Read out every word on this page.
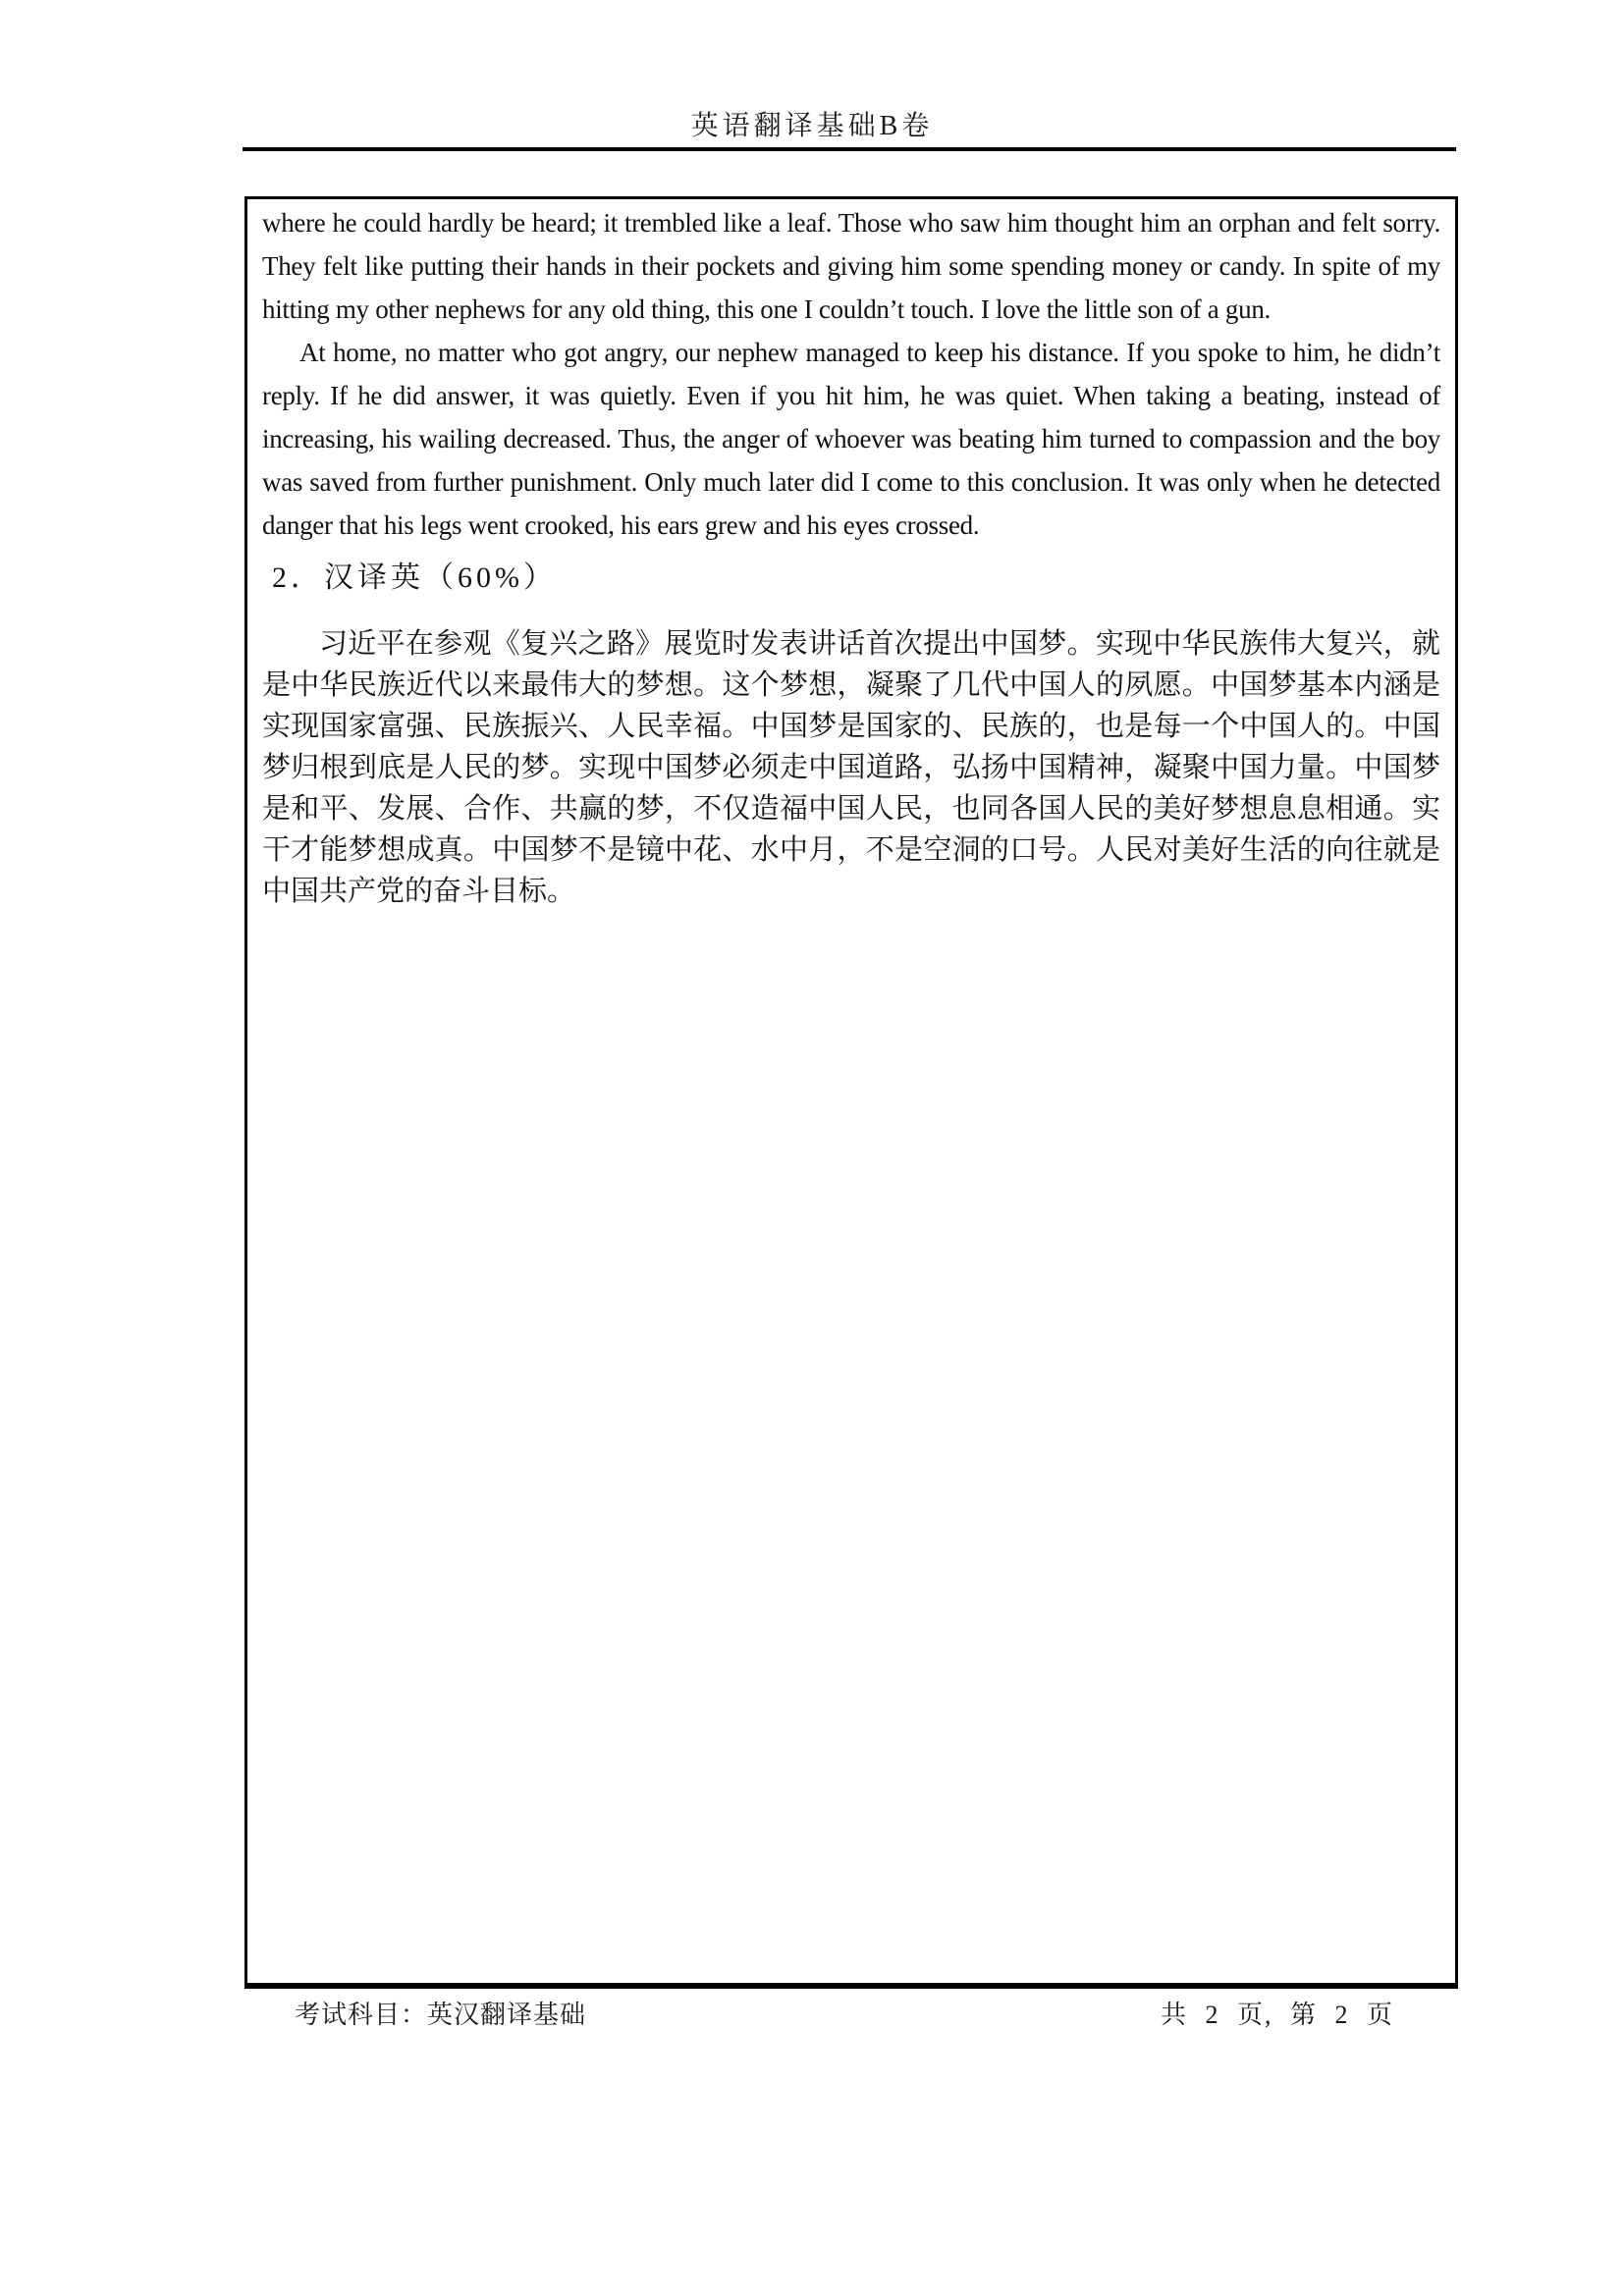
英语翻译基础B卷

where he could hardly be heard; it trembled like a leaf. Those who saw him thought him an orphan and felt sorry. They felt like putting their hands in their pockets and giving him some spending money or candy. In spite of my hitting my other nephews for any old thing, this one I couldn’t touch. I love the little son of a gun.

At home, no matter who got angry, our nephew managed to keep his distance. If you spoke to him, he didn’t reply. If he did answer, it was quietly. Even if you hit him, he was quiet. When taking a beating, instead of increasing, his wailing decreased. Thus, the anger of whoever was beating him turned to compassion and the boy was saved from further punishment. Only much later did I come to this conclusion. It was only when he detected danger that his legs went crooked, his ears grew and his eyes crossed.

2．汉译英（60%）

习近平在参观《复兴之路》展览时发表讲话首次提出中国梦。实现中华民族伟大复兴，就是中华民族近代以来最伟大的梦想。这个梦想，凝聚了几代中国人的夙愿。中国梦基本内涵是实现国家富强、民族振兴、人民幸福。中国梦是国家的、民族的，也是每一个中国人的。中国梦归根到底是人民的梦。实现中国梦必须走中国道路，弘扬中国精神，凝聚中国力量。中国梦是和平、发展、合作、共赢的梦，不仅造福中国人民，也同各国人民的美好梦想息息相通。实干才能梦想成真。中国梦不是镜中花、水中月，不是空洞的口号。人民对美好生活的向往就是中国共产党的奋斗目标。

考试科目：英汉翻译基础	共 2 页, 第 2 页
